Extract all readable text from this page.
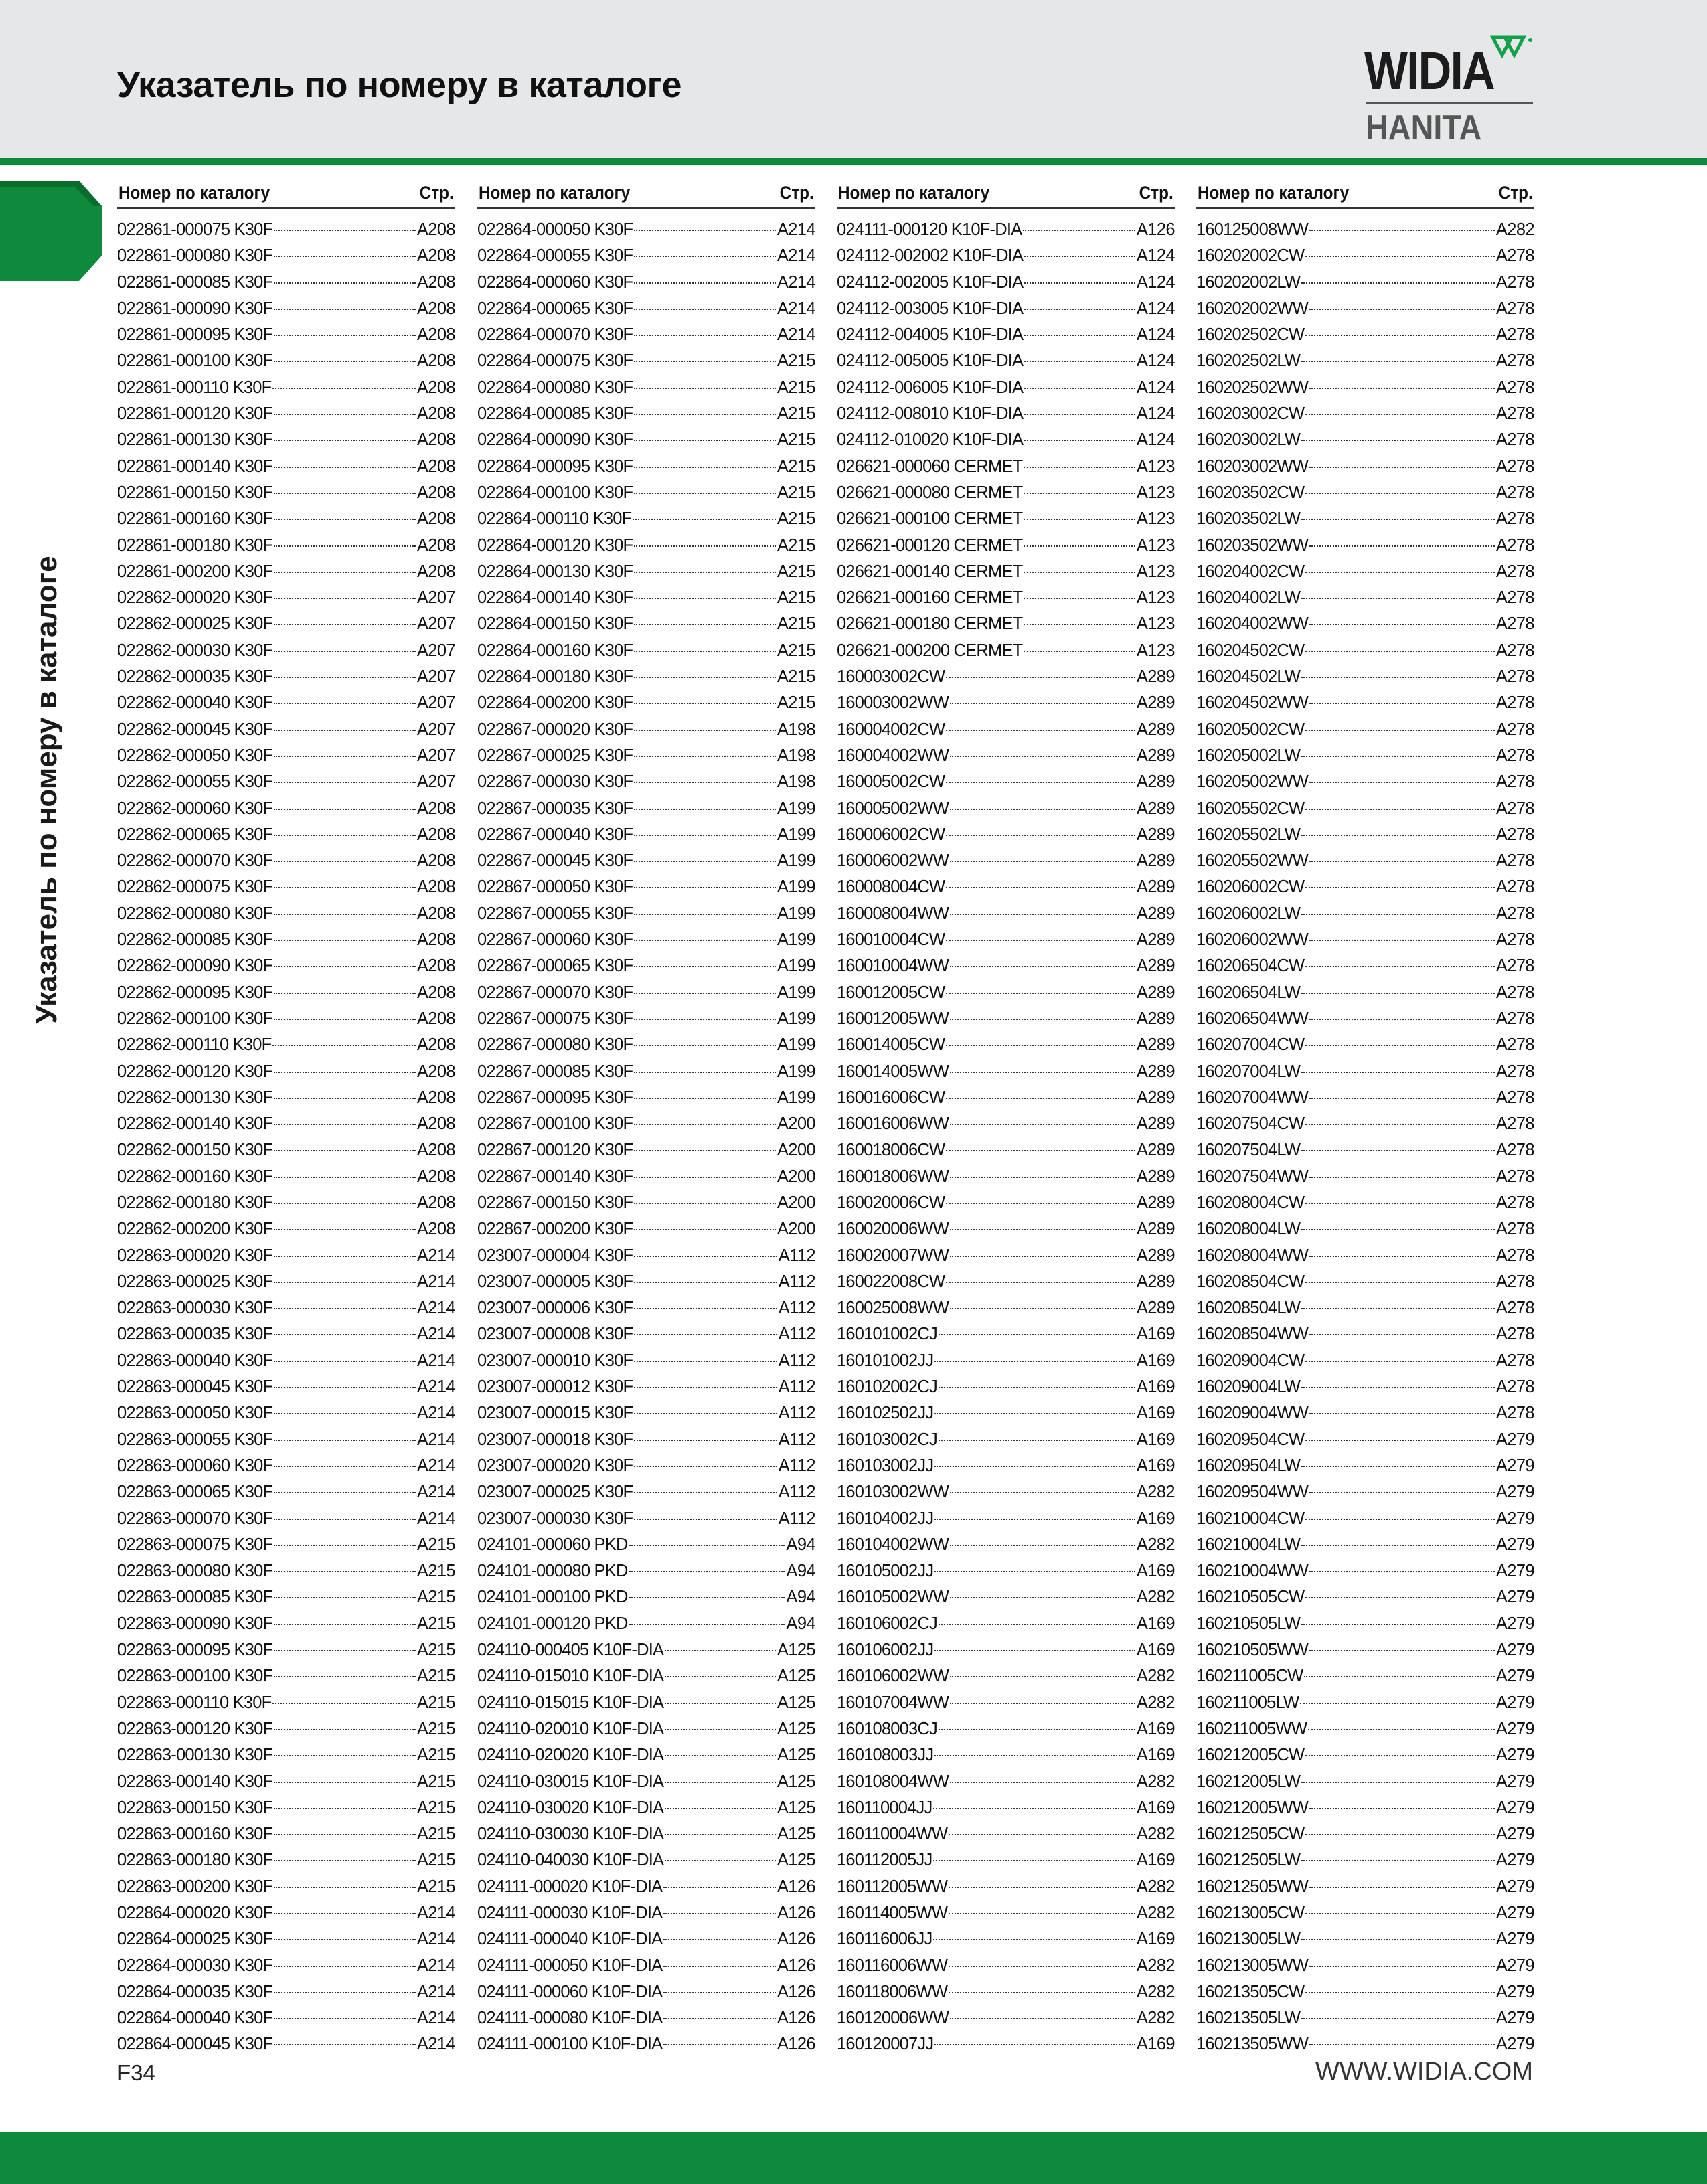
Указатель по номеру в каталоге	WIDIA
HANITA
Указатель по номеру в каталоге
Номер по каталогу	Стр.
022861-000075 K30F	A208
022861-000080 K30F	A208
022861-000085 K30F	A208
022861-000090 K30F	A208
022861-000095 K30F	A208
022861-000100 K30F	A208
022861-000110 K30F	A208
022861-000120 K30F	A208
022861-000130 K30F	A208
022861-000140 K30F	A208
022861-000150 K30F	A208
022861-000160 K30F	A208
022861-000180 K30F	A208
022861-000200 K30F	A208
022862-000020 K30F	A207
022862-000025 K30F	A207
022862-000030 K30F	A207
022862-000035 K30F	A207
022862-000040 K30F	A207
022862-000045 K30F	A207
022862-000050 K30F	A207
022862-000055 K30F	A207
022862-000060 K30F	A208
022862-000065 K30F	A208
022862-000070 K30F	A208
022862-000075 K30F	A208
022862-000080 K30F	A208
022862-000085 K30F	A208
022862-000090 K30F	A208
022862-000095 K30F	A208
022862-000100 K30F	A208
022862-000110 K30F	A208
022862-000120 K30F	A208
022862-000130 K30F	A208
022862-000140 K30F	A208
022862-000150 K30F	A208
022862-000160 K30F	A208
022862-000180 K30F	A208
022862-000200 K30F	A208
022863-000020 K30F	A214
022863-000025 K30F	A214
022863-000030 K30F	A214
022863-000035 K30F	A214
022863-000040 K30F	A214
022863-000045 K30F	A214
022863-000050 K30F	A214
022863-000055 K30F	A214
022863-000060 K30F	A214
022863-000065 K30F	A214
022863-000070 K30F	A214
022863-000075 K30F	A215
022863-000080 K30F	A215
022863-000085 K30F	A215
022863-000090 K30F	A215
022863-000095 K30F	A215
022863-000100 K30F	A215
022863-000110 K30F	A215
022863-000120 K30F	A215
022863-000130 K30F	A215
022863-000140 K30F	A215
022863-000150 K30F	A215
022863-000160 K30F	A215
022863-000180 K30F	A215
022863-000200 K30F	A215
022864-000020 K30F	A214
022864-000025 K30F	A214
022864-000030 K30F	A214
022864-000035 K30F	A214
022864-000040 K30F	A214
022864-000045 K30F	A214
Номер по каталогу	Стр.
022864-000050 K30F	A214
022864-000055 K30F	A214
022864-000060 K30F	A214
022864-000065 K30F	A214
022864-000070 K30F	A214
022864-000075 K30F	A215
022864-000080 K30F	A215
022864-000085 K30F	A215
022864-000090 K30F	A215
022864-000095 K30F	A215
022864-000100 K30F	A215
022864-000110 K30F	A215
022864-000120 K30F	A215
022864-000130 K30F	A215
022864-000140 K30F	A215
022864-000150 K30F	A215
022864-000160 K30F	A215
022864-000180 K30F	A215
022864-000200 K30F	A215
022867-000020 K30F	A198
022867-000025 K30F	A198
022867-000030 K30F	A198
022867-000035 K30F	A199
022867-000040 K30F	A199
022867-000045 K30F	A199
022867-000050 K30F	A199
022867-000055 K30F	A199
022867-000060 K30F	A199
022867-000065 K30F	A199
022867-000070 K30F	A199
022867-000075 K30F	A199
022867-000080 K30F	A199
022867-000085 K30F	A199
022867-000095 K30F	A199
022867-000100 K30F	A200
022867-000120 K30F	A200
022867-000140 K30F	A200
022867-000150 K30F	A200
022867-000200 K30F	A200
023007-000004 K30F	A112
023007-000005 K30F	A112
023007-000006 K30F	A112
023007-000008 K30F	A112
023007-000010 K30F	A112
023007-000012 K30F	A112
023007-000015 K30F	A112
023007-000018 K30F	A112
023007-000020 K30F	A112
023007-000025 K30F	A112
023007-000030 K30F	A112
024101-000060 PKD	A94
024101-000080 PKD	A94
024101-000100 PKD	A94
024101-000120 PKD	A94
024110-000405 K10F-DIA	A125
024110-015010 K10F-DIA	A125
024110-015015 K10F-DIA	A125
024110-020010 K10F-DIA	A125
024110-020020 K10F-DIA	A125
024110-030015 K10F-DIA	A125
024110-030020 K10F-DIA	A125
024110-030030 K10F-DIA	A125
024110-040030 K10F-DIA	A125
024111-000020 K10F-DIA	A126
024111-000030 K10F-DIA	A126
024111-000040 K10F-DIA	A126
024111-000050 K10F-DIA	A126
024111-000060 K10F-DIA	A126
024111-000080 K10F-DIA	A126
024111-000100 K10F-DIA	A126
Номер по каталогу	Стр.
024111-000120 K10F-DIA	A126
024112-002002 K10F-DIA	A124
024112-002005 K10F-DIA	A124
024112-003005 K10F-DIA	A124
024112-004005 K10F-DIA	A124
024112-005005 K10F-DIA	A124
024112-006005 K10F-DIA	A124
024112-008010 K10F-DIA	A124
024112-010020 K10F-DIA	A124
026621-000060 CERMET	A123
026621-000080 CERMET	A123
026621-000100 CERMET	A123
026621-000120 CERMET	A123
026621-000140 CERMET	A123
026621-000160 CERMET	A123
026621-000180 CERMET	A123
026621-000200 CERMET	A123
160003002CW	A289
160003002WW	A289
160004002CW	A289
160004002WW	A289
160005002CW	A289
160005002WW	A289
160006002CW	A289
160006002WW	A289
160008004CW	A289
160008004WW	A289
160010004CW	A289
160010004WW	A289
160012005CW	A289
160012005WW	A289
160014005CW	A289
160014005WW	A289
160016006CW	A289
160016006WW	A289
160018006CW	A289
160018006WW	A289
160020006CW	A289
160020006WW	A289
160020007WW	A289
160022008CW	A289
160025008WW	A289
160101002CJ	A169
160101002JJ	A169
160102002CJ	A169
160102502JJ	A169
160103002CJ	A169
160103002JJ	A169
160103002WW	A282
160104002JJ	A169
160104002WW	A282
160105002JJ	A169
160105002WW	A282
160106002CJ	A169
160106002JJ	A169
160106002WW	A282
160107004WW	A282
160108003CJ	A169
160108003JJ	A169
160108004WW	A282
160110004JJ	A169
160110004WW	A282
160112005JJ	A169
160112005WW	A282
160114005WW	A282
160116006JJ	A169
160116006WW	A282
160118006WW	A282
160120006WW	A282
160120007JJ	A169
Номер по каталогу	Стр.
160125008WW	A282
160202002CW	A278
160202002LW	A278
160202002WW	A278
160202502CW	A278
160202502LW	A278
160202502WW	A278
160203002CW	A278
160203002LW	A278
160203002WW	A278
160203502CW	A278
160203502LW	A278
160203502WW	A278
160204002CW	A278
160204002LW	A278
160204002WW	A278
160204502CW	A278
160204502LW	A278
160204502WW	A278
160205002CW	A278
160205002LW	A278
160205002WW	A278
160205502CW	A278
160205502LW	A278
160205502WW	A278
160206002CW	A278
160206002LW	A278
160206002WW	A278
160206504CW	A278
160206504LW	A278
160206504WW	A278
160207004CW	A278
160207004LW	A278
160207004WW	A278
160207504CW	A278
160207504LW	A278
160207504WW	A278
160208004CW	A278
160208004LW	A278
160208004WW	A278
160208504CW	A278
160208504LW	A278
160208504WW	A278
160209004CW	A278
160209004LW	A278
160209004WW	A278
160209504CW	A279
160209504LW	A279
160209504WW	A279
160210004CW	A279
160210004LW	A279
160210004WW	A279
160210505CW	A279
160210505LW	A279
160210505WW	A279
160211005CW	A279
160211005LW	A279
160211005WW	A279
160212005CW	A279
160212005LW	A279
160212005WW	A279
160212505CW	A279
160212505LW	A279
160212505WW	A279
160213005CW	A279
160213005LW	A279
160213005WW	A279
160213505CW	A279
160213505LW	A279
160213505WW	A279
F34	WWW.WIDIA.COM
